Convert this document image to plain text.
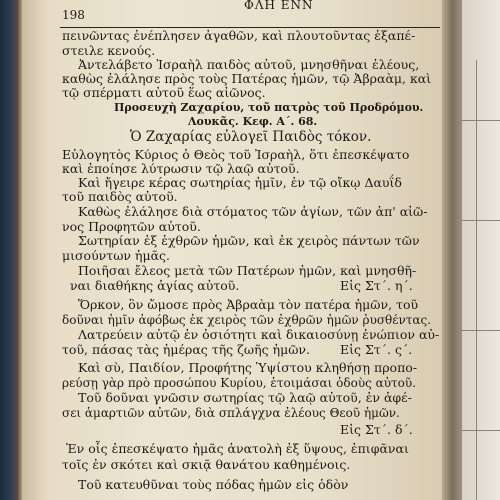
198
ΦΛΗ ΕΝΝ
πεινῶντας ἐνέπλησεν ἀγαθῶν, καὶ πλουτοῦντας ἐξαπέ-
στειλε κενούς.
Ἀντελάβετο Ἰσραὴλ παιδὸς αὐτοῦ, μνησθῆναι ἐλέους,
καθὼς ἐλάλησε πρὸς τοὺς Πατέρας ἡμῶν, τῷ Ἀβραὰμ, καὶ
τῷ σπέρματι αὐτοῦ ἕως αἰῶνος.
Προσευχὴ Ζαχαρίου, τοῦ πατρὸς τοῦ Προδρόμου.
Λουκᾶς. Κεφ. Α΄. 68.
Ὁ Ζαχαρίας εὐλογεῖ Παιδὸς τόκον.
Εὐλογητὸς Κύριος ὁ Θεὸς τοῦ Ἰσραὴλ, ὅτι ἐπεσκέψατο
καὶ ἐποίησε λύτρωσιν τῷ λαῷ αὐτοῦ.
Καὶ ἤγειρε κέρας σωτηρίας ἡμῖν, ἐν τῷ οἴκῳ Δαυΐδ
τοῦ παιδὸς αὐτοῦ.
Καθὼς ἐλάλησε διὰ στόματος τῶν ἁγίων, τῶν ἀπ' αἰῶ-
νος Προφητῶν αὐτοῦ.
Σωτηρίαν ἐξ ἐχθρῶν ἡμῶν, καὶ ἐκ χειρὸς πάντων τῶν
μισούντων ἡμᾶς.
Ποιῆσαι ἔλεος μετὰ τῶν Πατέρων ἡμῶν, καὶ μνησθῆ-
ναι διαθήκης ἁγίας αὐτοῦ.	Εἰς Στ΄. η΄.
Ὅρκον, ὃν ὤμοσε πρὸς Ἀβραὰμ τὸν πατέρα ἡμῶν, τοῦ
δοῦναι ἡμῖν ἀφόβως ἐκ χειρὸς τῶν ἐχθρῶν ἡμῶν ῥυσθέντας.
Λατρεύειν αὐτῷ ἐν ὁσιότητι καὶ δικαιοσύνῃ ἐνώπιον αὐ-
τοῦ, πάσας τὰς ἡμέρας τῆς ζωῆς ἡμῶν. Εἰς Στ΄. ς΄.
Καὶ σὺ, Παιδίον, Προφήτης Ὑψίστου κληθήσῃ προπο-
ρεύσῃ γὰρ πρὸ προσώπου Κυρίου, ἑτοιμάσαι ὁδοὺς αὐτοῦ.
Τοῦ δοῦναι γνῶσιν σωτηρίας τῷ λαῷ αὐτοῦ, ἐν ἀφέ-
σει ἁμαρτιῶν αὐτῶν, διὰ σπλάγχνα ἐλέους Θεοῦ ἡμῶν.
Εἰς Στ΄. δ΄.
Ἐν οἷς ἐπεσκέψατο ἡμᾶς ἀνατολὴ ἐξ ὕψους, ἐπιφᾶναι
τοῖς ἐν σκότει καὶ σκιᾷ θανάτου καθημένοις.
Τοῦ κατευθῦναι τοὺς πόδας ἡμῶν εἰς ὁδὸν
